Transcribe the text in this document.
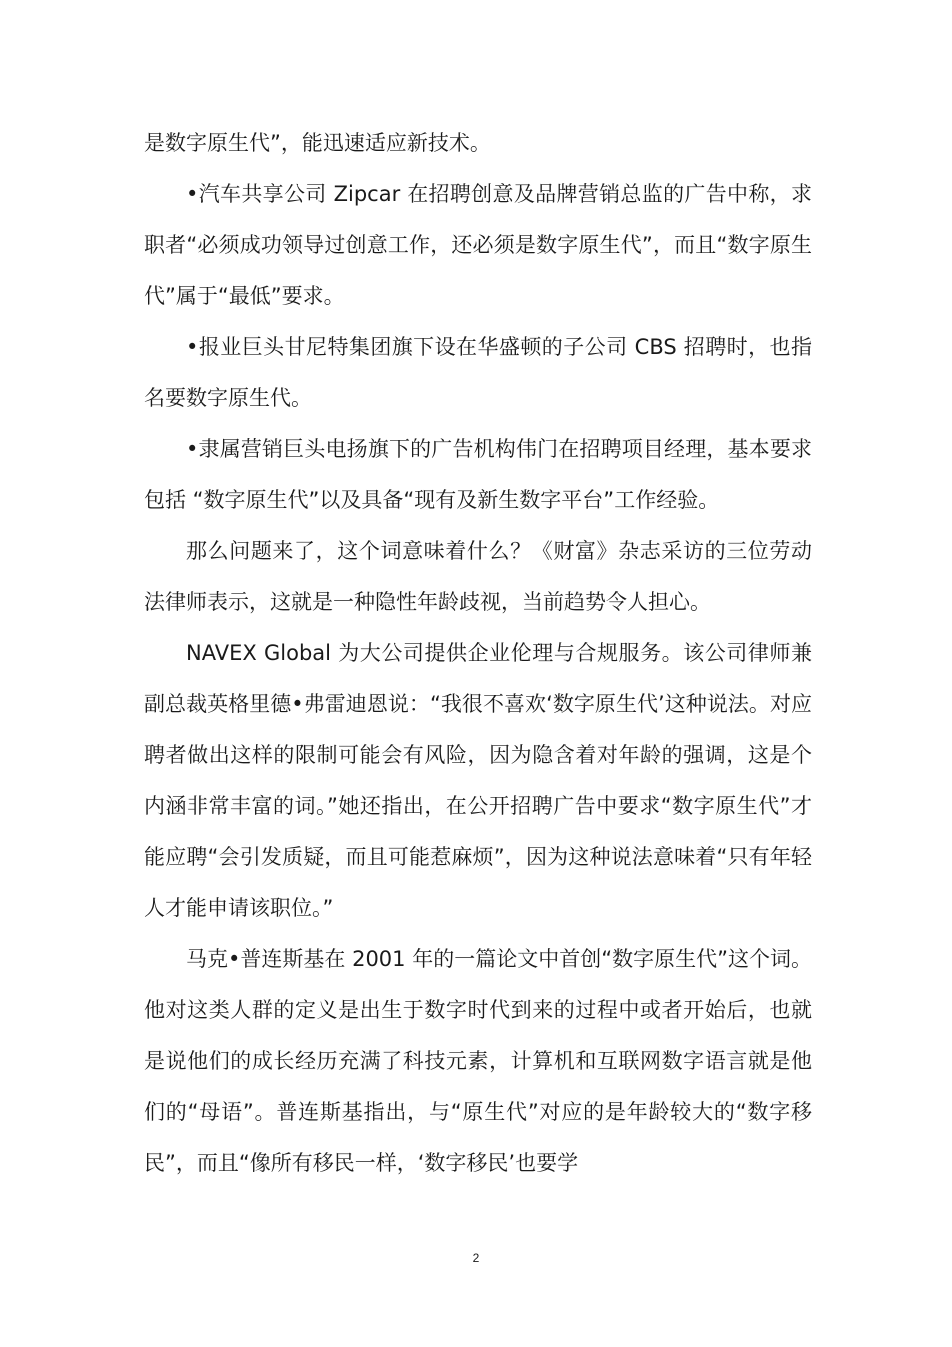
是数字原生代”，能迅速适应新技术。

•汽车共享公司 Zipcar 在招聘创意及品牌营销总监的广告中称，求职者“必须成功领导过创意工作，还必须是数字原生代”，而且“数字原生代”属于“最低”要求。

•报业巨头甘尼特集团旗下设在华盛顿的子公司 CBS 招聘时，也指名要数字原生代。

•隶属营销巨头电扬旗下的广告机构伟门在招聘项目经理，基本要求包括 “数字原生代”以及具备“现有及新生数字平台”工作经验。

那么问题来了，这个词意味着什么？《财富》杂志采访的三位劳动法律师表示，这就是一种隐性年龄歧视，当前趋势令人担心。

NAVEX Global 为大公司提供企业伦理与合规服务。该公司律师兼副总裁英格里德•弗雷迪恩说：“我很不喜欢‘数字原生代’这种说法。对应聘者做出这样的限制可能会有风险，因为隐含着对年龄的强调，这是个内涵非常丰富的词。”她还指出，在公开招聘广告中要求“数字原生代”才能应聘“会引发质疑，而且可能惹麻烦”，因为这种说法意味着“只有年轻人才能申请该职位。”

马克•普连斯基在 2001 年的一篇论文中首创“数字原生代”这个词。他对这类人群的定义是出生于数字时代到来的过程中或者开始后，也就是说他们的成长经历充满了科技元素，计算机和互联网数字语言就是他们的“母语”。普连斯基指出，与“原生代”对应的是年龄较大的“数字移民”，而且“像所有移民一样，‘数字移民’也要学

2
